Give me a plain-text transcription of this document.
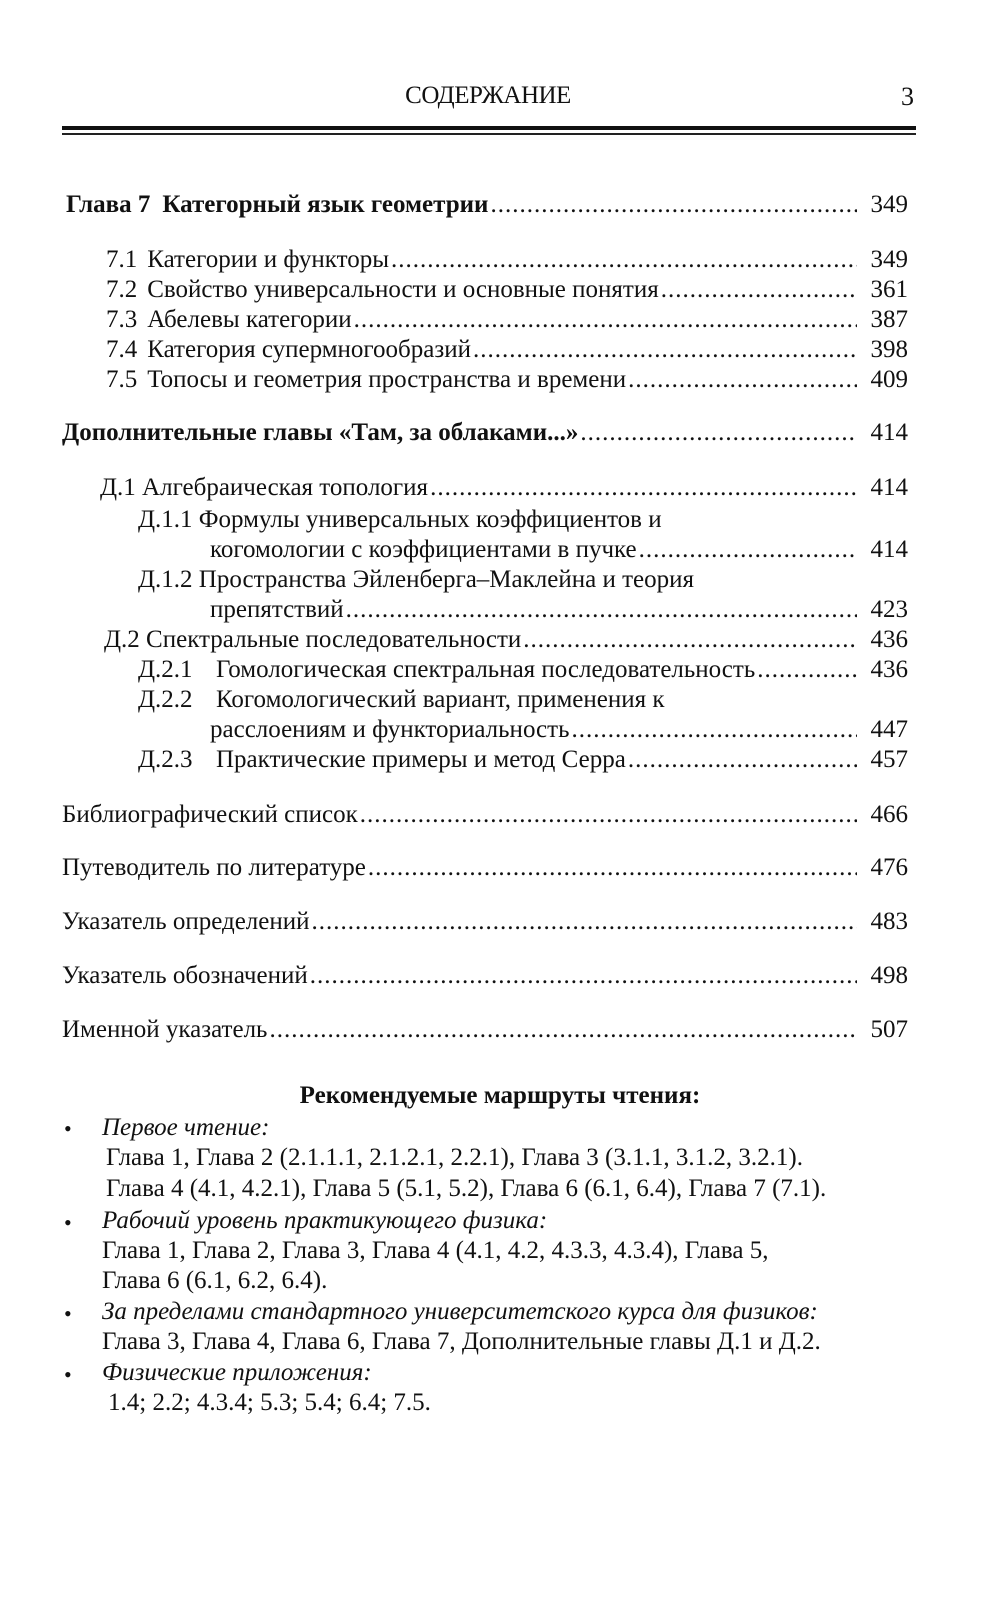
СОДЕРЖАНИЕ	3
Глава 7 Категорный язык геометрии .....	349
7.1 Категории и функторы .....	349
7.2 Свойство универсальности и основные понятия .....	361
7.3 Абелевы категории .....	387
7.4 Категория супермногообразий .....	398
7.5 Топосы и геометрия пространства и времени .....	409
Дополнительные главы «Там, за облаками...» .....	414
Д.1 Алгебраическая топология .....	414
Д.1.1 Формулы универсальных коэффициентов и
когомологии с коэффициентами в пучке .....	414
Д.1.2 Пространства Эйленберга–Маклейна и теория
препятствий .....	423
Д.2 Спектральные последовательности .....	436
Д.2.1 Гомологическая спектральная последовательность .....	436
Д.2.2 Когомологический вариант, применения к
расслоениям и функториальность .....	447
Д.2.3 Практические примеры и метод Серра .....	457
Библиографический список .....	466
Путеводитель по литературе .....	476
Указатель определений .....	483
Указатель обозначений .....	498
Именной указатель .....	507
Рекомендуемые маршруты чтения:
• Первое чтение:
Глава 1, Глава 2 (2.1.1.1, 2.1.2.1, 2.2.1), Глава 3 (3.1.1, 3.1.2, 3.2.1).
Глава 4 (4.1, 4.2.1), Глава 5 (5.1, 5.2), Глава 6 (6.1, 6.4), Глава 7 (7.1).
• Рабочий уровень практикующего физика:
Глава 1, Глава 2, Глава 3, Глава 4 (4.1, 4.2, 4.3.3, 4.3.4), Глава 5,
Глава 6 (6.1, 6.2, 6.4).
• За пределами стандартного университетского курса для физиков:
Глава 3, Глава 4, Глава 6, Глава 7, Дополнительные главы Д.1 и Д.2.
• Физические приложения:
1.4; 2.2; 4.3.4; 5.3; 5.4; 6.4; 7.5.
